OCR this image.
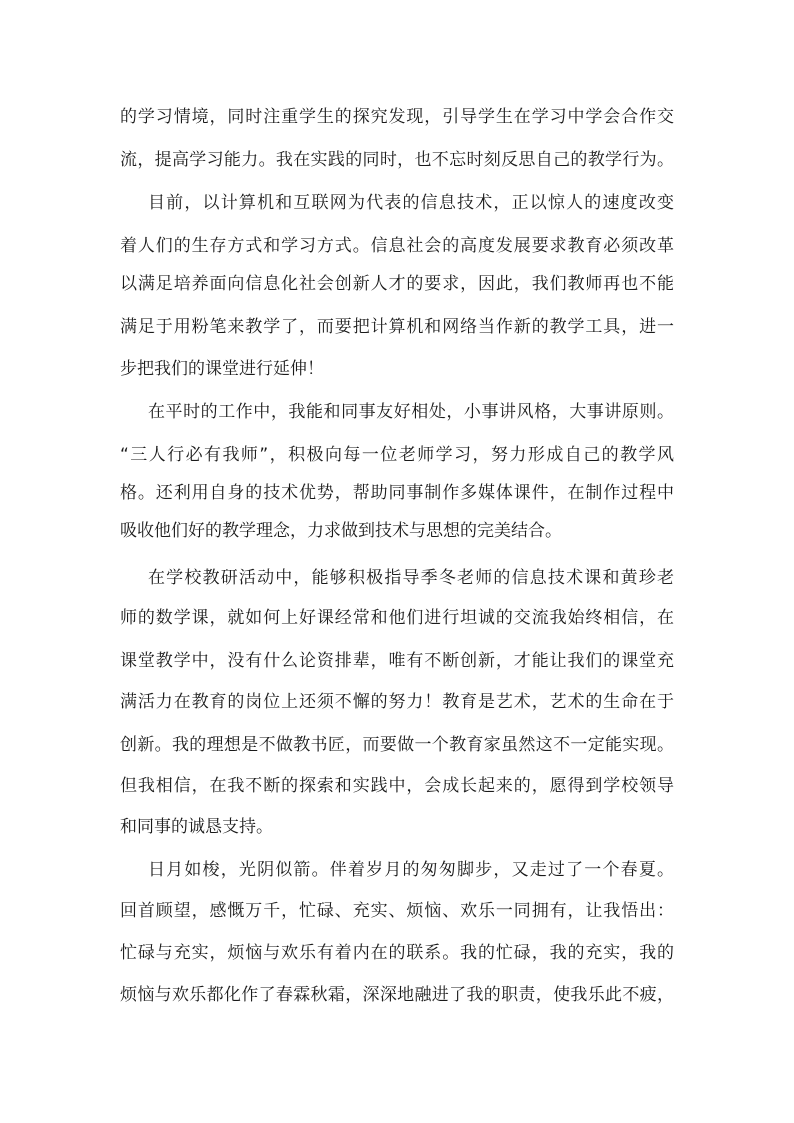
的学习情境，同时注重学生的探究发现，引导学生在学习中学会合作交
流，提高学习能力。我在实践的同时，也不忘时刻反思自己的教学行为。
目前，以计算机和互联网为代表的信息技术，正以惊人的速度改变
着人们的生存方式和学习方式。信息社会的高度发展要求教育必须改革
以满足培养面向信息化社会创新人才的要求，因此，我们教师再也不能
满足于用粉笔来教学了，而要把计算机和网络当作新的教学工具，进一
步把我们的课堂进行延伸！
在平时的工作中，我能和同事友好相处，小事讲风格，大事讲原则。
“三人行必有我师”，积极向每一位老师学习，努力形成自己的教学风
格。还利用自身的技术优势，帮助同事制作多媒体课件，在制作过程中
吸收他们好的教学理念，力求做到技术与思想的完美结合。
在学校教研活动中，能够积极指导季冬老师的信息技术课和黄珍老
师的数学课，就如何上好课经常和他们进行坦诚的交流我始终相信，在
课堂教学中，没有什么论资排辈，唯有不断创新，才能让我们的课堂充
满活力在教育的岗位上还须不懈的努力！教育是艺术，艺术的生命在于
创新。我的理想是不做教书匠，而要做一个教育家虽然这不一定能实现。
但我相信，在我不断的探索和实践中，会成长起来的，愿得到学校领导
和同事的诚恳支持。
日月如梭，光阴似箭。伴着岁月的匆匆脚步，又走过了一个春夏。
回首顾望，感慨万千，忙碌、充实、烦恼、欢乐一同拥有，让我悟出：
忙碌与充实，烦恼与欢乐有着内在的联系。我的忙碌，我的充实，我的
烦恼与欢乐都化作了春霖秋霜，深深地融进了我的职责，使我乐此不疲，
